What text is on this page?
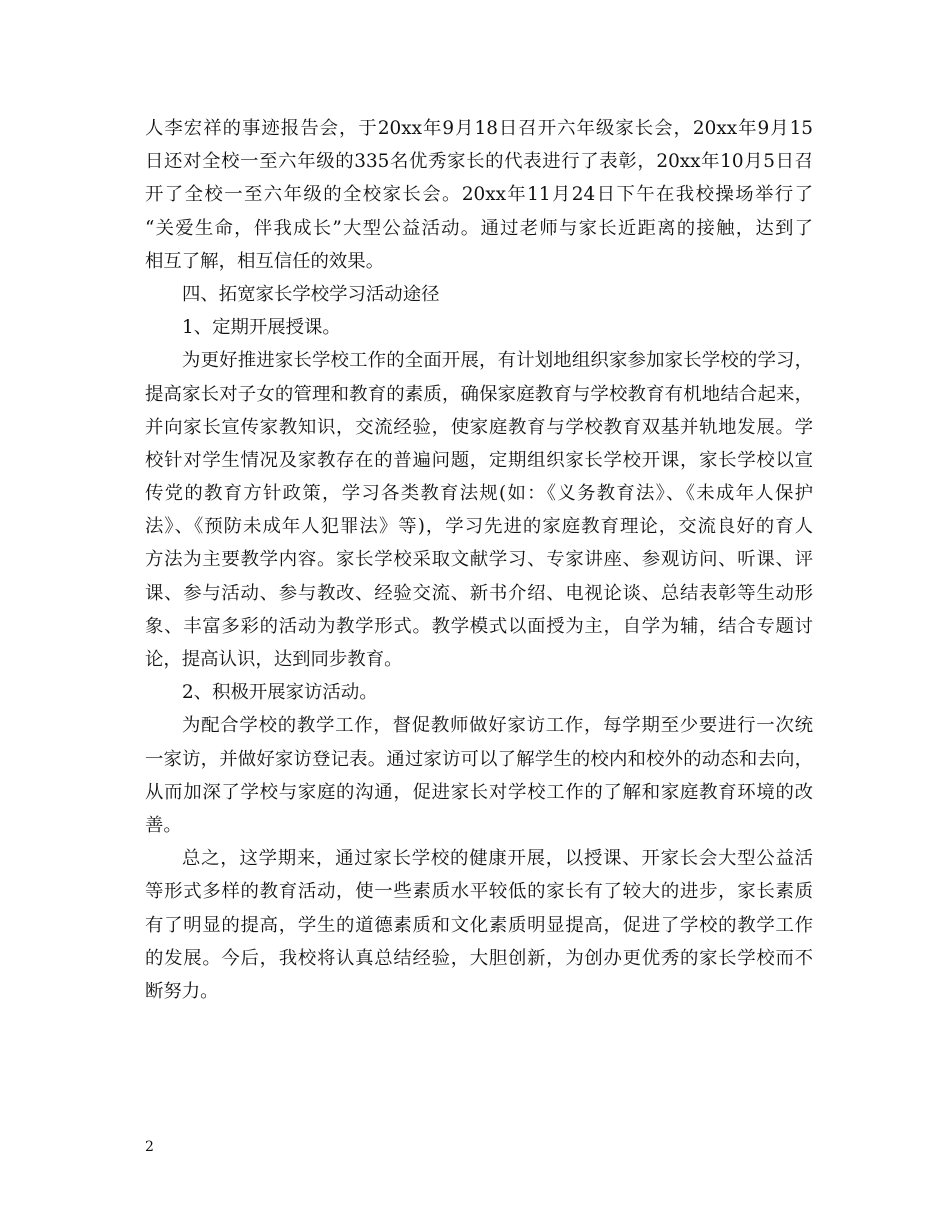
人李宏祥的事迹报告会，于20xx年9月18日召开六年级家长会，20xx年9月15
日还对全校一至六年级的335名优秀家长的代表进行了表彰，20xx年10月5日召
开了全校一至六年级的全校家长会。20xx年11月24日下午在我校操场举行了
“关爱生命，伴我成长”大型公益活动。通过老师与家长近距离的接触，达到了
相互了解，相互信任的效果。
四、拓宽家长学校学习活动途径
1、定期开展授课。
为更好推进家长学校工作的全面开展，有计划地组织家参加家长学校的学习，
提高家长对子女的管理和教育的素质，确保家庭教育与学校教育有机地结合起来，
并向家长宣传家教知识，交流经验，使家庭教育与学校教育双基并轨地发展。学
校针对学生情况及家教存在的普遍问题，定期组织家长学校开课，家长学校以宣
传党的教育方针政策，学习各类教育法规(如：《义务教育法》、《未成年人保护
法》、《预防未成年人犯罪法》等)，学习先进的家庭教育理论，交流良好的育人
方法为主要教学内容。家长学校采取文献学习、专家讲座、参观访问、听课、评
课、参与活动、参与教改、经验交流、新书介绍、电视论谈、总结表彰等生动形
象、丰富多彩的活动为教学形式。教学模式以面授为主，自学为辅，结合专题讨
论，提高认识，达到同步教育。
2、积极开展家访活动。
为配合学校的教学工作，督促教师做好家访工作，每学期至少要进行一次统
一家访，并做好家访登记表。通过家访可以了解学生的校内和校外的动态和去向，
从而加深了学校与家庭的沟通，促进家长对学校工作的了解和家庭教育环境的改
善。
总之，这学期来，通过家长学校的健康开展，以授课、开家长会大型公益活
等形式多样的教育活动，使一些素质水平较低的家长有了较大的进步，家长素质
有了明显的提高，学生的道德素质和文化素质明显提高，促进了学校的教学工作
的发展。今后，我校将认真总结经验，大胆创新，为创办更优秀的家长学校而不
断努力。
2
